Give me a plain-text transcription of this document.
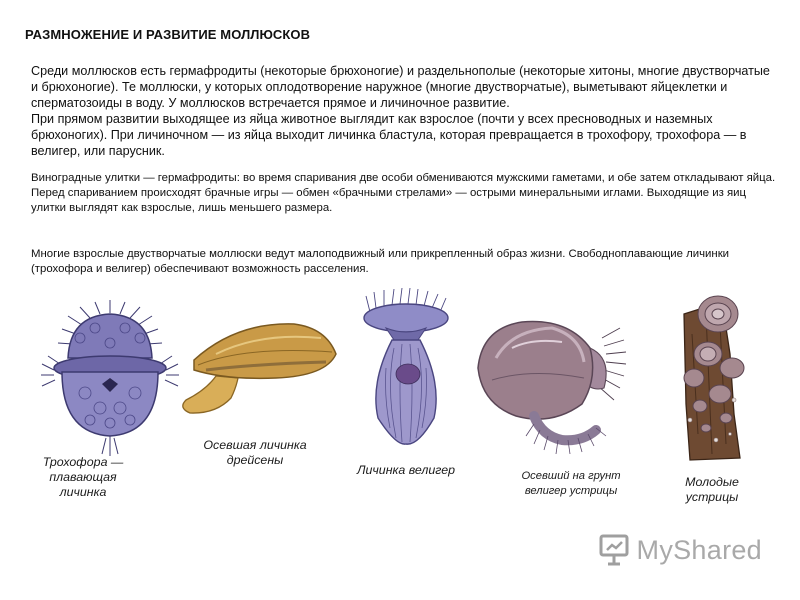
РАЗМНОЖЕНИЕ И РАЗВИТИЕ МОЛЛЮСКОВ

Среди моллюсков есть гермафродиты (некоторые брюхоногие) и раздельнополые (некоторые хитоны, многие двустворчатые и брюхоногие). Те моллюски, у которых оплодотворение наружное (многие двустворчатые), выметывают яйцеклетки и сперматозоиды в воду. У моллюсков встречается прямое и личиночное развитие.

При прямом развитии выходящее из яйца животное выглядит как взрослое (почти у всех пресноводных и наземных брюхоногих). При личиночном — из яйца выходит личинка бластула, которая превращается в трохофору, трохофора — в велигер, или парусник.

Виноградные улитки — гермафродиты: во время спаривания две особи обмениваются мужскими гаметами, и обе затем откладывают яйца. Перед спариванием происходят брачные игры — обмен «брачными стрелами» — острыми минеральными иглами. Выходящие из яиц улитки выглядят как взрослые, лишь меньшего размера.
Многие взрослые двустворчатые моллюски ведут малоподвижный или прикрепленный образ жизни. Свободноплавающие личинки (трохофора и велигер) обеспечивают возможность расселения.
Трохофора — плавающая личинка
Осевшая личинка дрейсены
Личинка велигер	Осевший на грунт велигер устрицы
Молодые устрицы
MyShared
